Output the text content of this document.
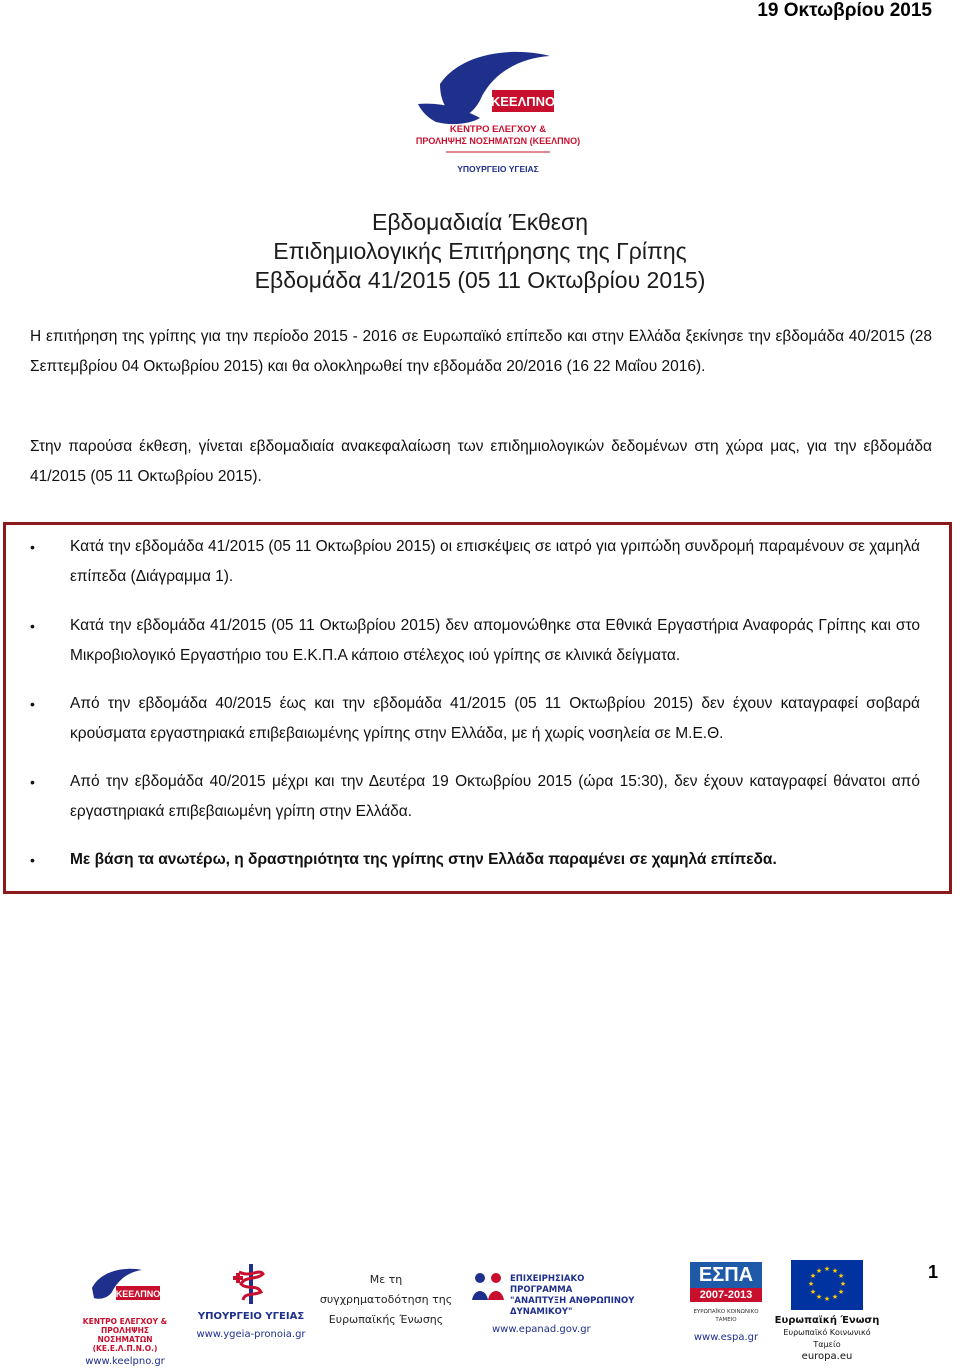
19 Οκτωβρίου 2015
ΚΕΕΛΠΝΟ
ΚΕΝΤΡΟ ΕΛΕΓΧΟΥ &
ΠΡΟΛΗΨΗΣ ΝΟΣΗΜΑΤΩΝ (ΚΕΕΛΠΝΟ)
ΥΠΟΥΡΓΕΙΟ ΥΓΕΙΑΣ
Εβδομαδιαία Έκθεση
Επιδημιολογικής Επιτήρησης της Γρίπης
Εβδομάδα 41/2015 (05 11 Οκτωβρίου 2015)

Η επιτήρηση της γρίπης για την περίοδο 2015 - 2016 σε Ευρωπαϊκό επίπεδο και στην Ελλάδα ξεκίνησε την εβδομάδα 40/2015 (28 Σεπτεμβρίου 04 Οκτωβρίου 2015) και θα ολοκληρωθεί την εβδομάδα 20/2016 (16 22 Μαΐου 2016).

Στην παρούσα έκθεση, γίνεται εβδομαδιαία ανακεφαλαίωση των επιδημιολογικών δεδομένων στη χώρα μας, για την εβδομάδα 41/2015 (05 11 Οκτωβρίου 2015).

• Κατά την εβδομάδα 41/2015 (05 11 Οκτωβρίου 2015) οι επισκέψεις σε ιατρό για γριπώδη συνδρομή παραμένουν σε χαμηλά επίπεδα (Διάγραμμα 1).
• Κατά την εβδομάδα 41/2015 (05 11 Οκτωβρίου 2015) δεν απομονώθηκε στα Εθνικά Εργαστήρια Αναφοράς Γρίπης και στο Μικροβιολογικό Εργαστήριο του Ε.Κ.Π.Α κάποιο στέλεχος ιού γρίπης σε κλινικά δείγματα.
• Από την εβδομάδα 40/2015 έως και την εβδομάδα 41/2015 (05 11 Οκτωβρίου 2015) δεν έχουν καταγραφεί σοβαρά κρούσματα εργαστηριακά επιβεβαιωμένης γρίπης στην Ελλάδα, με ή χωρίς νοσηλεία σε Μ.Ε.Θ.
• Από την εβδομάδα 40/2015 μέχρι και την Δευτέρα 19 Οκτωβρίου 2015 (ώρα 15:30), δεν έχουν καταγραφεί θάνατοι από εργαστηριακά επιβεβαιωμένη γρίπη στην Ελλάδα.
• Με βάση τα ανωτέρω, η δραστηριότητα της γρίπης στην Ελλάδα παραμένει σε χαμηλά επίπεδα.
1
ΚΕΕΛΠΝΟ
ΚΕΝΤΡΟ ΕΛΕΓΧΟΥ & ΠΡΟΛΗΨΗΣ
ΝΟΣΗΜΑΤΩΝ (ΚΕ.Ε.Λ.Π.Ν.Ο.)
www.keelpno.gr
ΥΠΟΥΡΓΕΙΟ ΥΓΕΙΑΣ
www.ygeia-pronoia.gr
Με τη
συγχρηματοδότηση της
Ευρωπαϊκής Ένωσης
ΕΠΙΧΕΙΡΗΣΙΑΚΟ ΠΡΟΓΡΑΜΜΑ
"ΑΝΑΠΤΥΞΗ ΑΝΘΡΩΠΙΝΟΥ ΔΥΝΑΜΙΚΟΥ"
www.epanad.gov.gr
ΕΣΠΑ
2007-2013
ΕΥΡΩΠΑΪΚΟ ΚΟΙΝΩΝΙΚΟ ΤΑΜΕΙΟ
www.espa.gr
★ ★
★
★
★
★
★
★
★
★
★
★
Ευρωπαϊκή Ένωση
Ευρωπαϊκό Κοινωνικό Ταμείο
europa.eu
